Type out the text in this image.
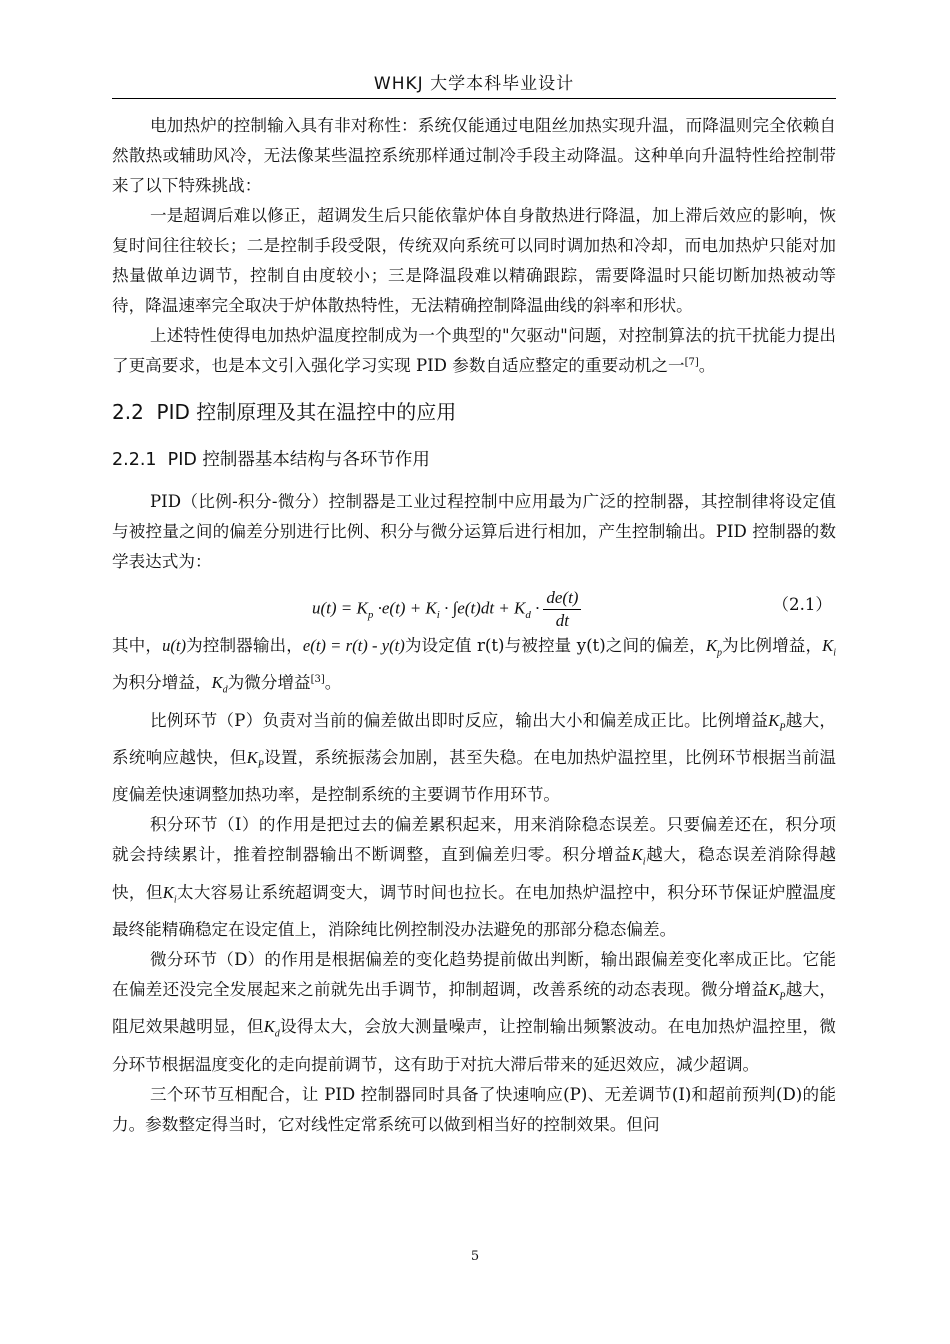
WHKJ 大学本科毕业设计

电加热炉的控制输入具有非对称性：系统仅能通过电阻丝加热实现升温，而降温则完全依赖自然散热或辅助风冷，无法像某些温控系统那样通过制冷手段主动降温。这种单向升温特性给控制带来了以下特殊挑战：

一是超调后难以修正，超调发生后只能依靠炉体自身散热进行降温，加上滞后效应的影响，恢复时间往往较长；二是控制手段受限，传统双向系统可以同时调加热和冷却，而电加热炉只能对加热量做单边调节，控制自由度较小；三是降温段难以精确跟踪，需要降温时只能切断加热被动等待，降温速率完全取决于炉体散热特性，无法精确控制降温曲线的斜率和形状。

上述特性使得电加热炉温度控制成为一个典型的"欠驱动"问题，对控制算法的抗干扰能力提出了更高要求，也是本文引入强化学习实现 PID 参数自适应整定的重要动机之一[7]。

2.2 PID 控制原理及其在温控中的应用
2.2.1 PID 控制器基本结构与各环节作用

PID（比例-积分-微分）控制器是工业过程控制中应用最为广泛的控制器，其控制律将设定值与被控量之间的偏差分别进行比例、积分与微分运算后进行相加，产生控制输出。PID 控制器的数学表达式为：

$u(t) = K_p \cdot e(t) + K_i \cdot \int e(t)dt + K_d \cdot \frac{de(t)}{dt}$	（2.1）

其中，u(t)为控制器输出，e(t) = r(t) - y(t)为设定值 r(t)与被控量 y(t)之间的偏差，$K_p$为比例增益，$K_i$为积分增益，$K_d$为微分增益[3]。

比例环节（P）负责对当前的偏差做出即时反应，输出大小和偏差成正比。比例增益$K_P$越大，系统响应越快，但$K_P$设置，系统振荡会加剧，甚至失稳。在电加热炉温控里，比例环节根据当前温度偏差快速调整加热功率，是控制系统的主要调节作用环节。

积分环节（I）的作用是把过去的偏差累积起来，用来消除稳态误差。只要偏差还在，积分项就会持续累计，推着控制器输出不断调整，直到偏差归零。积分增益$K_i$越大，稳态误差消除得越快，但$K_i$太大容易让系统超调变大，调节时间也拉长。在电加热炉温控中，积分环节保证炉膛温度最终能精确稳定在设定值上，消除纯比例控制没办法避免的那部分稳态偏差。

微分环节（D）的作用是根据偏差的变化趋势提前做出判断，输出跟偏差变化率成正比。它能在偏差还没完全发展起来之前就先出手调节，抑制超调，改善系统的动态表现。微分增益$K_P$越大，阻尼效果越明显，但$K_d$设得太大，会放大测量噪声，让控制输出频繁波动。在电加热炉温控里，微分环节根据温度变化的走向提前调节，这有助于对抗大滞后带来的延迟效应，减少超调。

三个环节互相配合，让 PID 控制器同时具备了快速响应(P)、无差调节(I)和超前预判(D)的能力。参数整定得当时，它对线性定常系统可以做到相当好的控制效果。但问

5
